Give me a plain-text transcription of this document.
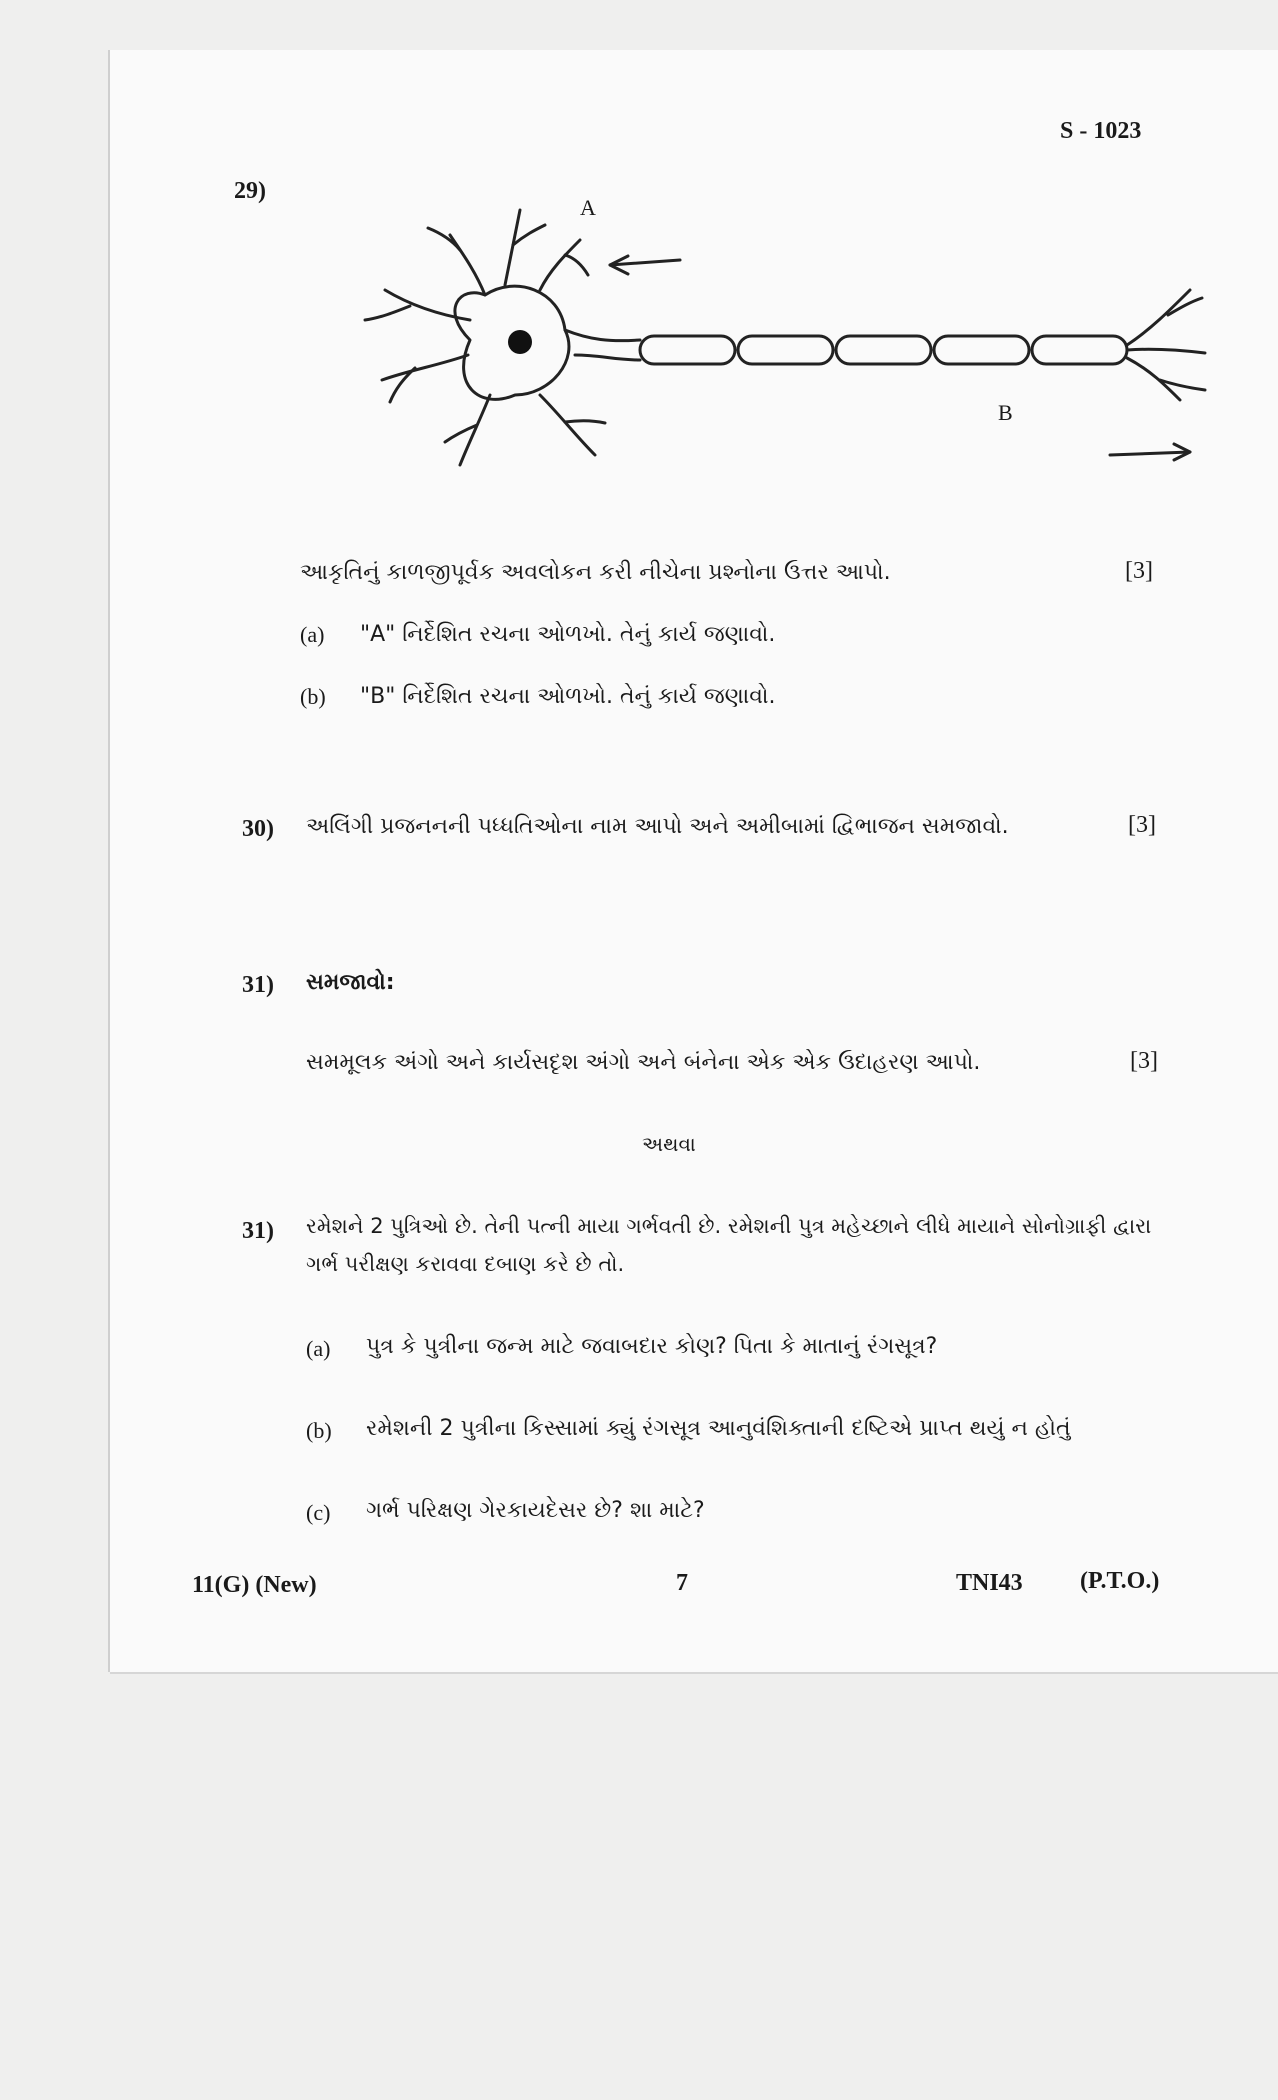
S - 1023
29)
A
B
આકૃતિનું કાળજીપૂર્વક અવલોકન કરી નીચેના પ્રશ્નોના ઉત્તર આપો.	[3]
(a) "A" નિર્દેશિત રચના ઓળખો. તેનું કાર્ય જણાવો.
(b) "B" નિર્દેશિત રચના ઓળખો. તેનું કાર્ય જણાવો.
30) અલિંગી પ્રજનનની પધ્ધતિઓના નામ આપો અને અમીબામાં દ્વિભાજન સમજાવો.	[3]
31) સમજાવો:
સમમૂલક અંગો અને કાર્યસદૃશ અંગો અને બંનેના એક એક ઉદાહરણ આપો.	[3]
અથવા
31) રમેશને 2 પુત્રિઓ છે. તેની પત્ની માયા ગર્ભવતી છે. રમેશની પુત્ર મહેચ્છાને લીધે માયાને સોનોગ્રાફી દ્વારા
ગર્ભ પરીક્ષણ કરાવવા દબાણ કરે છે તો.
(a) પુત્ર કે પુત્રીના જન્મ માટે જવાબદાર કોણ? પિતા કે માતાનું રંગસૂત્ર?
(b) રમેશની 2 પુત્રીના કિસ્સામાં ક્યું રંગસૂત્ર આનુવંશિક્તાની દષ્ટિએ પ્રાપ્ત થયું ન હોતું
(c) ગર્ભ પરિક્ષણ ગેરકાયદેસર છે? શા માટે?
11(G) (New)	7	TNI43 (P.T.O.)
